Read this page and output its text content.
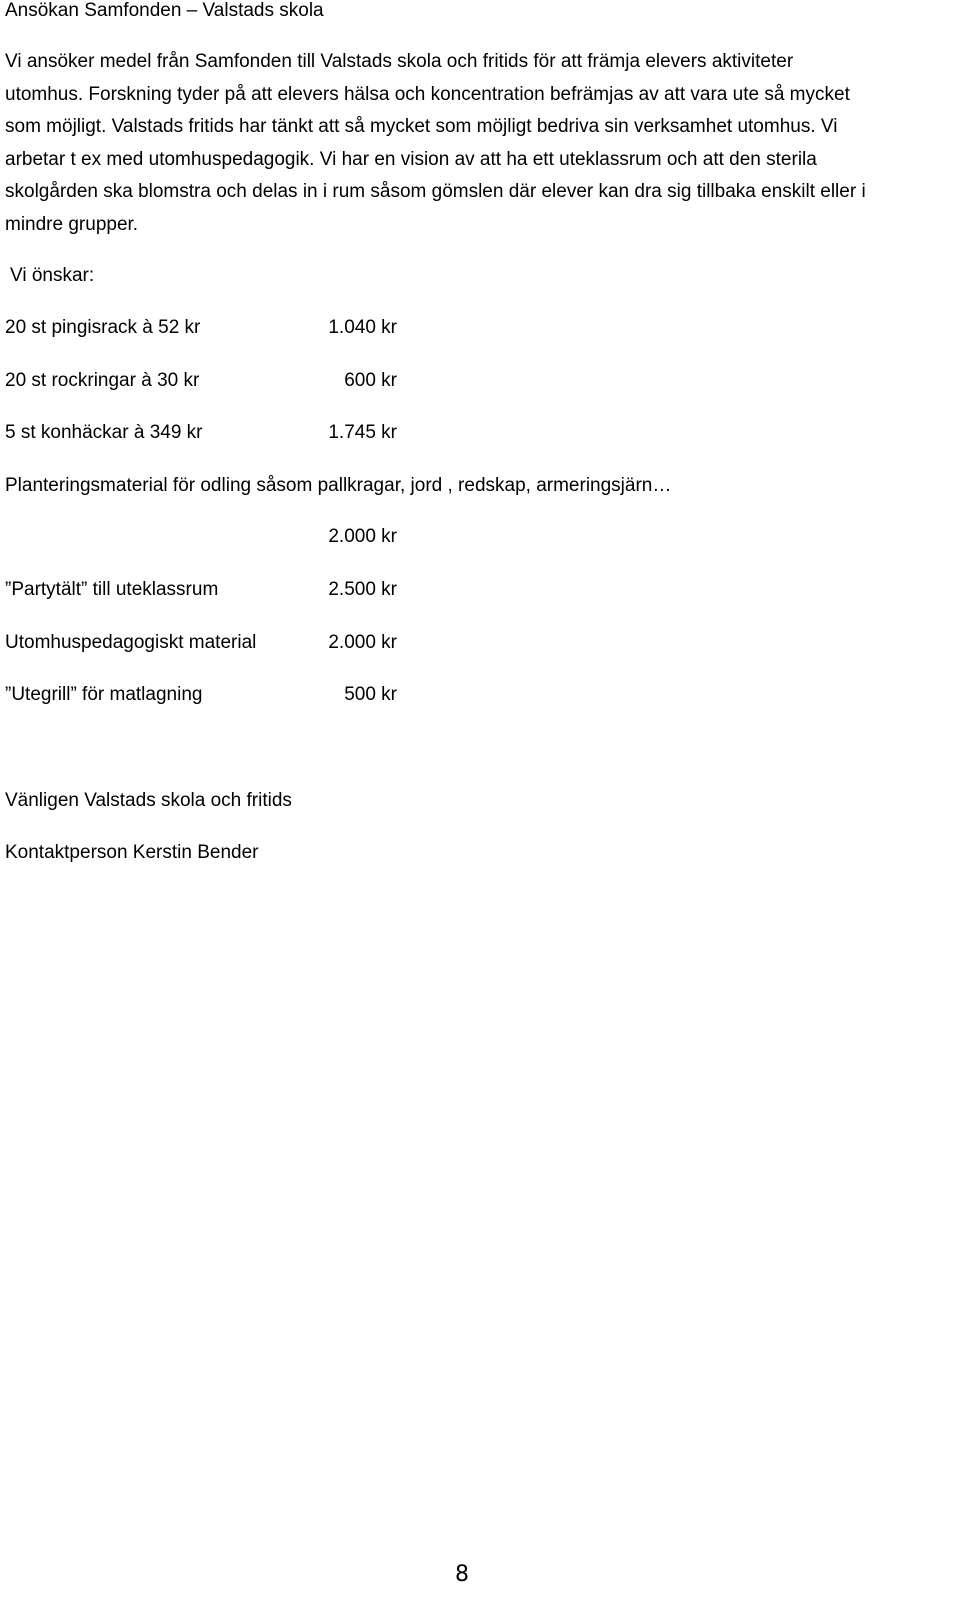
Ansökan Samfonden – Valstads skola

Vi ansöker medel från Samfonden till Valstads skola och fritids för att främja elevers aktiviteter
utomhus. Forskning tyder på att elevers hälsa och koncentration befrämjas av att vara ute så mycket
som möjligt. Valstads fritids har tänkt att så mycket som möjligt bedriva sin verksamhet utomhus. Vi
arbetar t ex med utomhuspedagogik. Vi har en vision av att ha ett uteklassrum och att den sterila
skolgården ska blomstra och delas in i rum såsom gömslen där elever kan dra sig tillbaka enskilt eller i
mindre grupper.

Vi önskar:

20 st pingisrack à 52 kr	1.040 kr
20 st rockringar à 30 kr	600 kr
5 st konhäckar à 349 kr	1.745 kr
Planteringsmaterial för odling såsom pallkragar, jord , redskap, armeringsjärn…
2.000 kr
”Partytält” till uteklassrum	2.500 kr
Utomhuspedagogiskt material	2.000 kr
”Utegrill” för matlagning	500 kr

Vänligen Valstads skola och fritids

Kontaktperson Kerstin Bender

8
